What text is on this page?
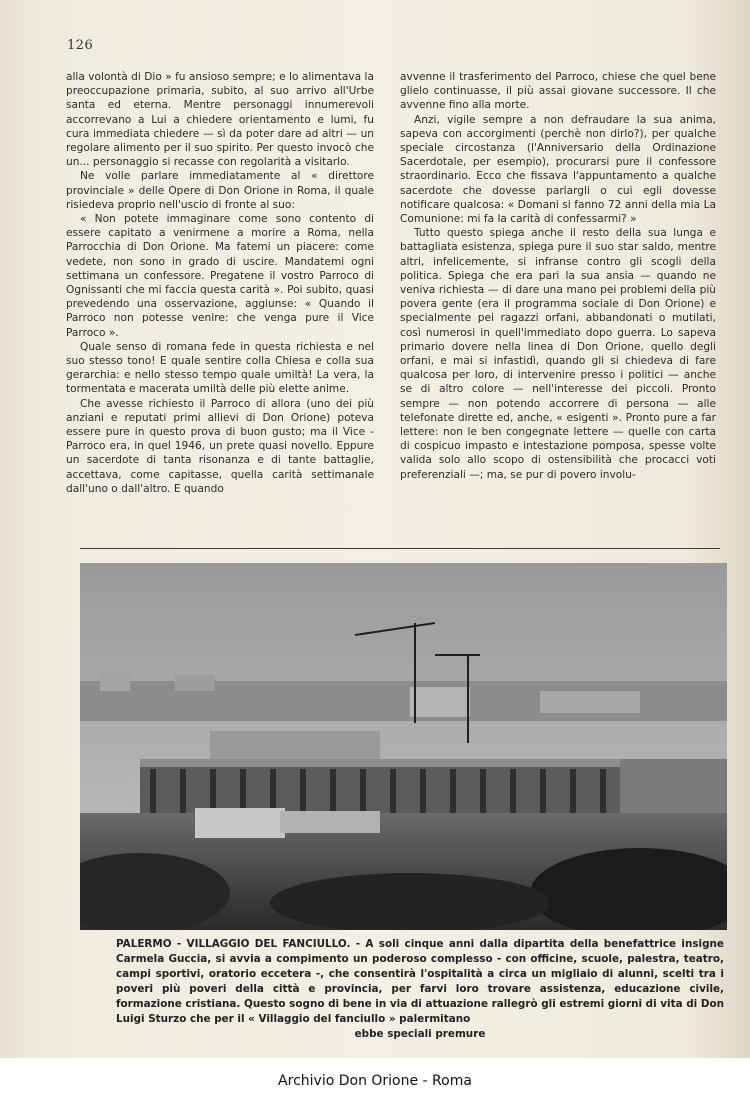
126

alla volontà di Dio » fu ansioso sempre; e lo alimentava la preoccupazione primaria, subito, al suo arrivo all'Urbe santa ed eterna. Mentre personaggi innumerevoli accorrevano a Lui a chiedere orientamento e lumi, fu cura immediata chiedere — sì da poter dare ad altri — un regolare alimento per il suo spirito. Per questo invocò che un... personaggio si recasse con regolarità a visitarlo.

Ne volle parlare immediatamente al « direttore provinciale » delle Opere di Don Orione in Roma, il quale risiedeva proprio nell'uscio di fronte al suo:

« Non potete immaginare come sono contento di essere capitato a venirmene a morire a Roma, nella Parrocchia di Don Orione. Ma fatemi un piacere: come vedete, non sono in grado di uscire. Mandatemi ogni settimana un confessore. Pregatene il vostro Parroco di Ognissanti che mi faccia questa carità ». Poi subito, quasi prevedendo una osservazione, aggiunse: « Quando il Parroco non potesse venire: che venga pure il Vice Parroco ».

Quale senso di romana fede in questa richiesta e nel suo stesso tono! E quale sentire colla Chiesa e colla sua gerarchia: e nello stesso tempo quale umiltà! La vera, la tormentata e macerata umiltà delle più elette anime.

Che avesse richiesto il Parroco di allora (uno dei più anziani e reputati primi allievi di Don Orione) poteva essere pure in questo prova di buon gusto; ma il Vice - Parroco era, in quel 1946, un prete quasi novello. Eppure un sacerdote di tanta risonanza e di tante battaglie, accettava, come capitasse, quella carità settimanale dall'uno o dall'altro. E quando

avvenne il trasferimento del Parroco, chiese che quel bene glielo continuasse, il più assai giovane successore. Il che avvenne fino alla morte.

Anzi, vigile sempre a non defraudare la sua anima, sapeva con accorgimenti (perchè non dirlo?), per qualche speciale circostanza (l'Anniversario della Ordinazione Sacerdotale, per esempio), procurarsi pure il confessore straordinario. Ecco che fissava l'appuntamento a qualche sacerdote che dovesse parlargli o cui egli dovesse notificare qualcosa: « Domani si fanno 72 anni della mia La Comunione: mi fa la carità di confessarmi? »

Tutto questo spiega anche il resto della sua lunga e battagliata esistenza, spiega pure il suo star saldo, mentre altri, infelicemente, si infranse contro gli scogli della politica. Spiega che era pari la sua ansia — quando ne veniva richiesta — di dare una mano pei problemi della più povera gente (era il programma sociale di Don Orione) e specialmente pei ragazzi orfani, abbandonati o mutilati, così numerosi in quell'immediato dopo guerra. Lo sapeva primario dovere nella linea di Don Orione, quello degli orfani, e mai si infastidì, quando gli si chiedeva di fare qualcosa per loro, di intervenire presso i politici — anche se di altro colore — nell'interesse dei piccoli. Pronto sempre — non potendo accorrere di persona — alle telefonate dirette ed, anche, « esigenti ». Pronto pure a far lettere: non le ben congegnate lettere — quelle con carta di cospicuo impasto e intestazione pomposa, spesse volte valida solo allo scopo di ostensibilità che procacci voti preferenziali —; ma, se pur di povero involu-

PALERMO - VILLAGGIO DEL FANCIULLO. - A soli cinque anni dalla dipartita della benefattrice insigne Carmela Guccia, si avvia a compimento un poderoso complesso - con officine, scuole, palestra, teatro, campi sportivi, oratorio eccetera -, che consentirà l'ospitalità a circa un migliaio di alunni, scelti tra i poveri più poveri della città e provincia, per farvi loro trovare assistenza, educazione civile, formazione cristiana. Questo sogno di bene in via di attuazione rallegrò gli estremi giorni di vita di Don Luigi Sturzo che per il « Villaggio del fanciullo » palermitano
ebbe speciali premure
Archivio Don Orione - Roma
